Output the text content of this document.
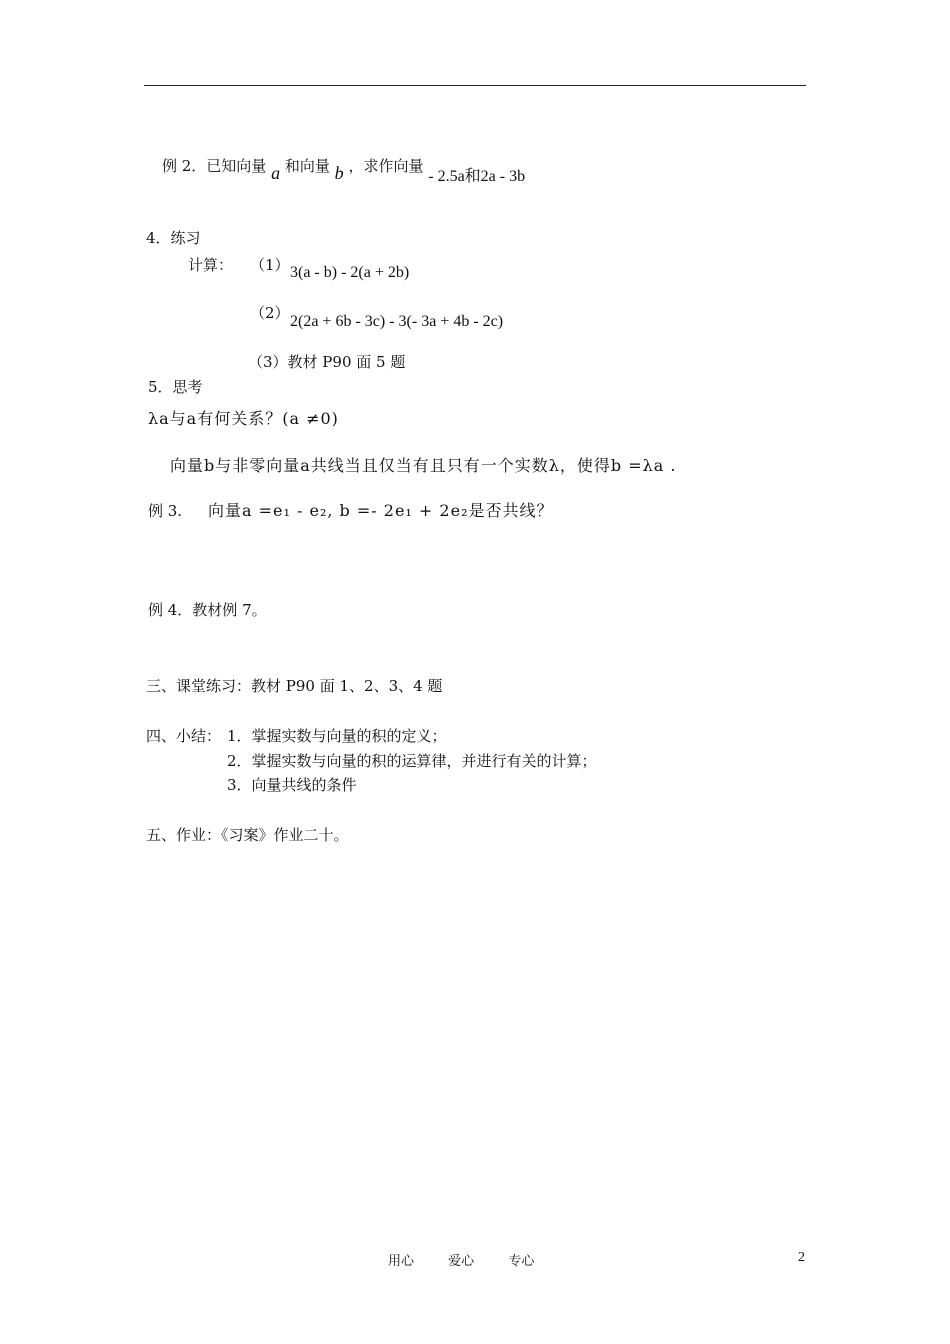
例 2．已知向量 a 和向量 b ，求作向量 - 2.5a和2a - 3b
4．练习
计算： （1） 3(a - b) - 2(a + 2b)
（2） 2(2a + 6b - 3c) - 3(- 3a + 4b - 2c)
（3）教材 P90 面 5 题
5．思考
λa与a有何关系？(a ≠0)
向量b与非零向量a共线当且仅当有且只有一个实数λ，使得b =λa .
例 3. 向量a =e₁ - e₂, b =- 2e₁ + 2e₂是否共线？
例 4．教材例 7。
三、课堂练习：教材 P90 面 1、2、3、4 题
四、小结： 1．掌握实数与向量的积的定义；
2．掌握实数与向量的积的运算律，并进行有关的计算；
3．向量共线的条件
五、作业：《习案》作业二十。
用心	爱心	专心	2
